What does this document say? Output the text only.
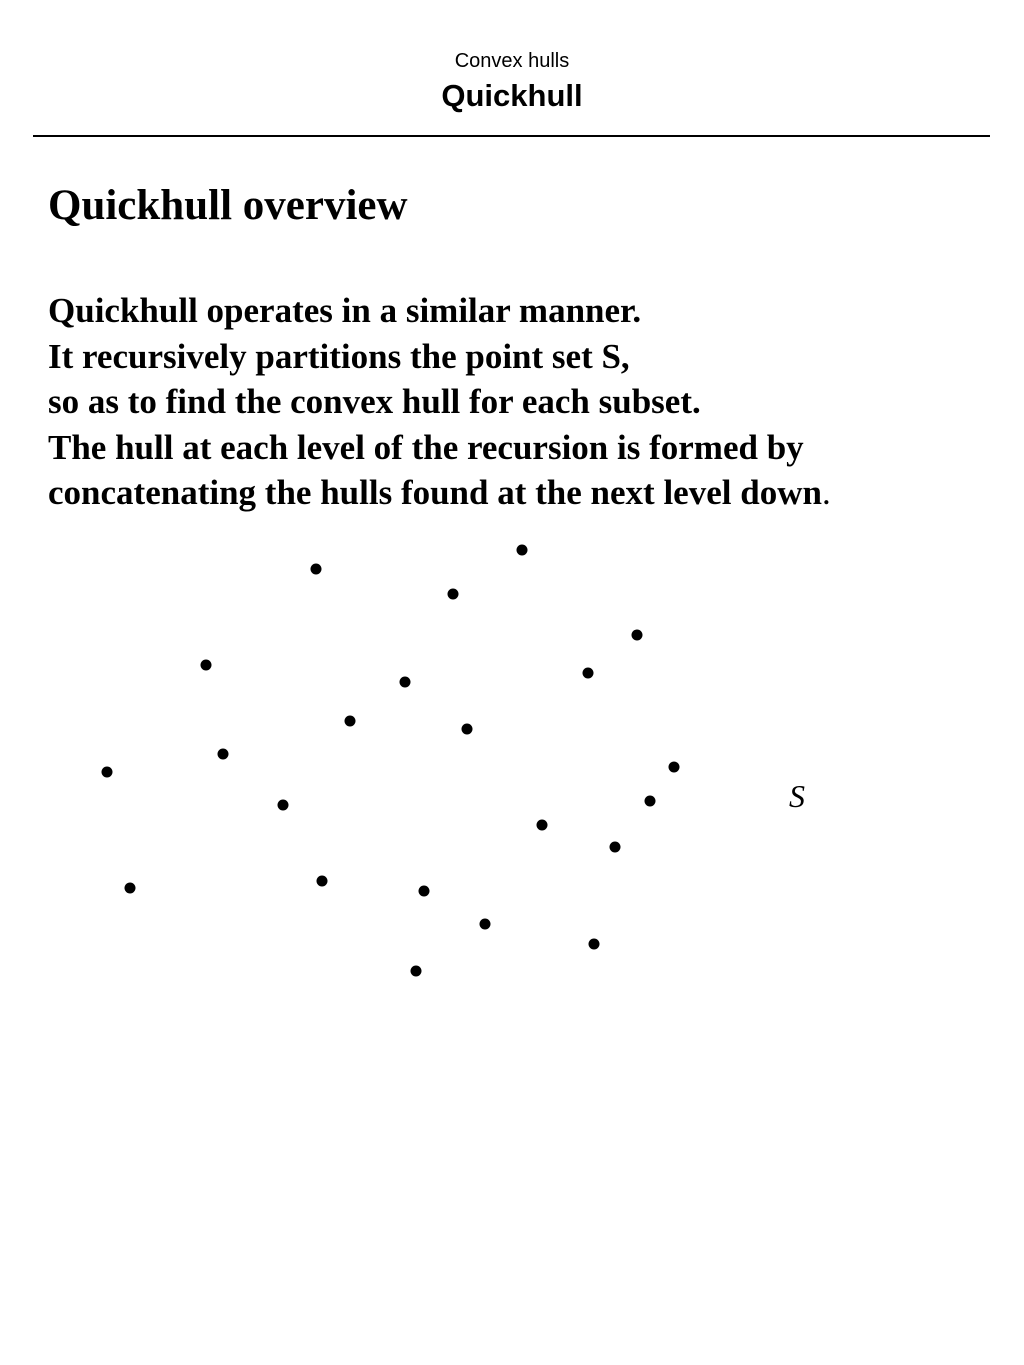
Convex hulls
Quickhull
Quickhull overview

Quickhull operates in a similar manner.
It recursively partitions the point set S,
so as to find the convex hull for each subset.
The hull at each level of the recursion is formed by
concatenating the hulls found at the next level down.

S
